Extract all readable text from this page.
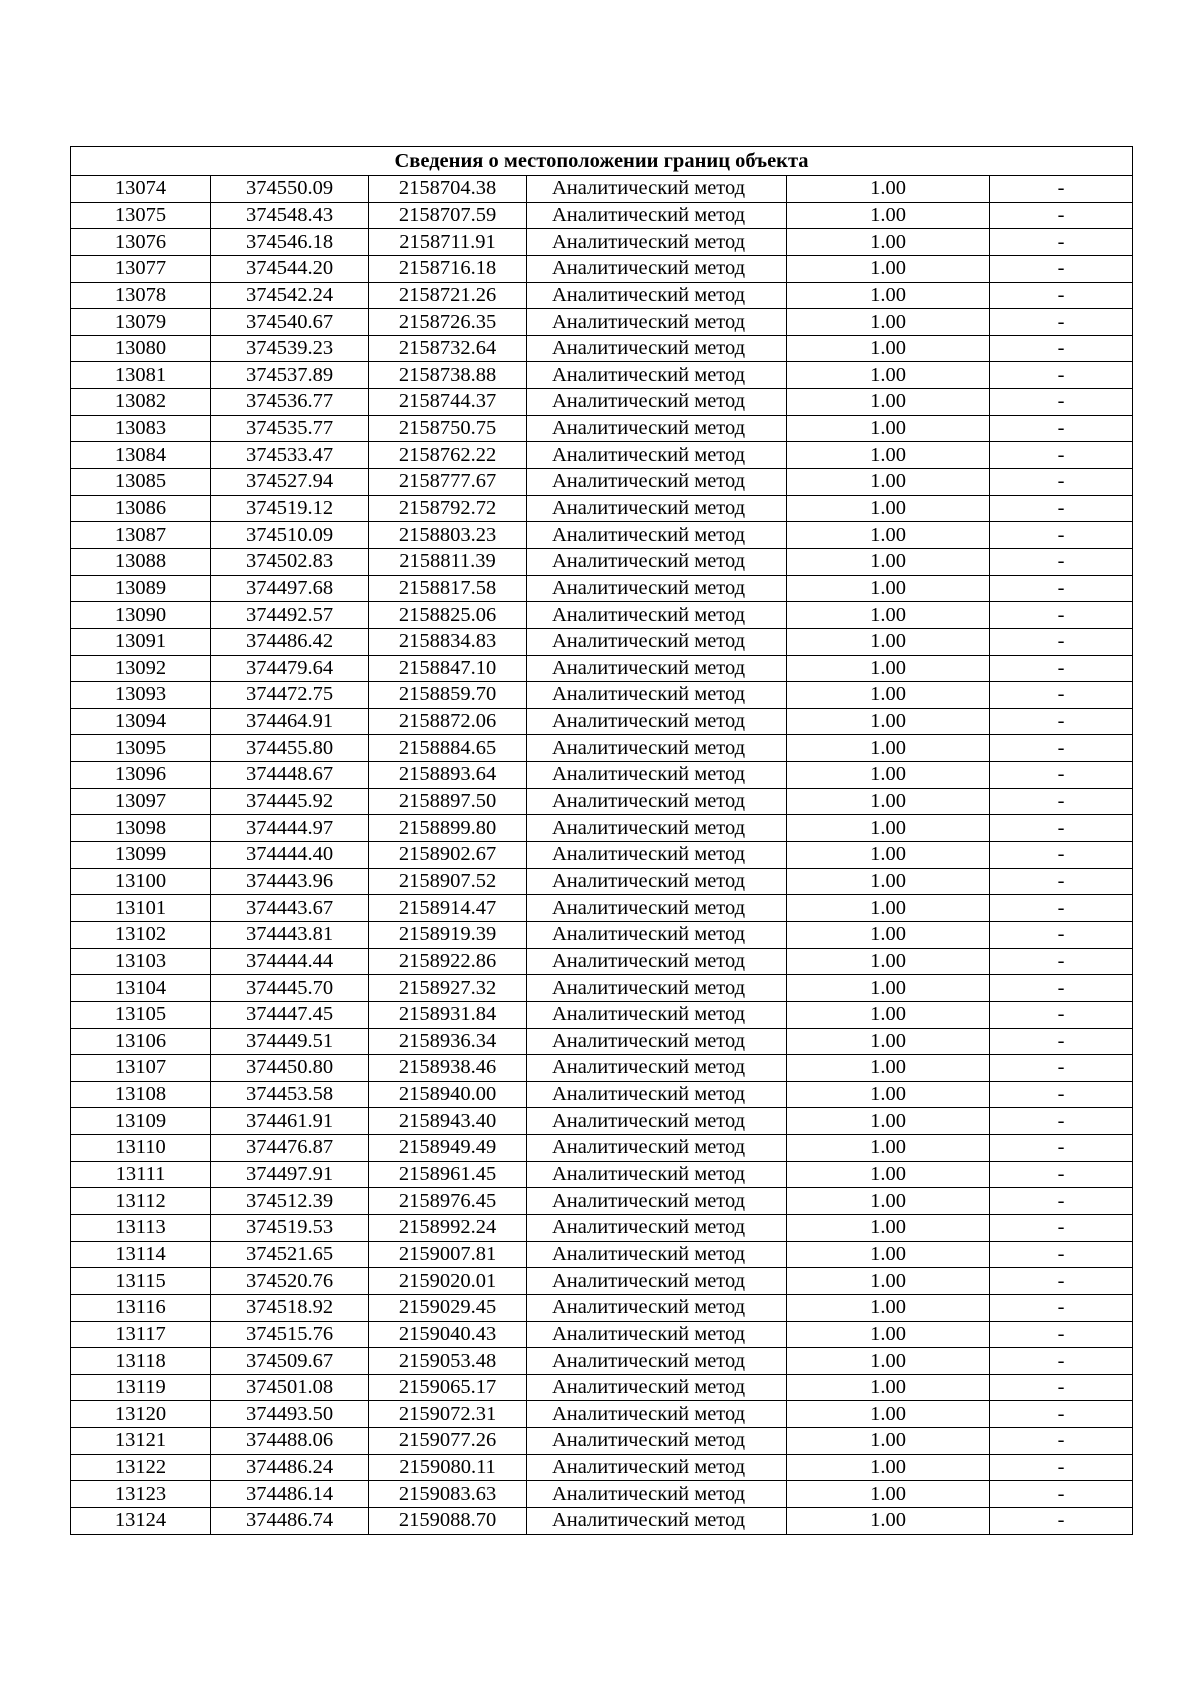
Сведения о местоположении границ объекта					
13074	374550.09	2158704.38	Аналитический метод	1.00	-
13075	374548.43	2158707.59	Аналитический метод	1.00	-
13076	374546.18	2158711.91	Аналитический метод	1.00	-
13077	374544.20	2158716.18	Аналитический метод	1.00	-
13078	374542.24	2158721.26	Аналитический метод	1.00	-
13079	374540.67	2158726.35	Аналитический метод	1.00	-
13080	374539.23	2158732.64	Аналитический метод	1.00	-
13081	374537.89	2158738.88	Аналитический метод	1.00	-
13082	374536.77	2158744.37	Аналитический метод	1.00	-
13083	374535.77	2158750.75	Аналитический метод	1.00	-
13084	374533.47	2158762.22	Аналитический метод	1.00	-
13085	374527.94	2158777.67	Аналитический метод	1.00	-
13086	374519.12	2158792.72	Аналитический метод	1.00	-
13087	374510.09	2158803.23	Аналитический метод	1.00	-
13088	374502.83	2158811.39	Аналитический метод	1.00	-
13089	374497.68	2158817.58	Аналитический метод	1.00	-
13090	374492.57	2158825.06	Аналитический метод	1.00	-
13091	374486.42	2158834.83	Аналитический метод	1.00	-
13092	374479.64	2158847.10	Аналитический метод	1.00	-
13093	374472.75	2158859.70	Аналитический метод	1.00	-
13094	374464.91	2158872.06	Аналитический метод	1.00	-
13095	374455.80	2158884.65	Аналитический метод	1.00	-
13096	374448.67	2158893.64	Аналитический метод	1.00	-
13097	374445.92	2158897.50	Аналитический метод	1.00	-
13098	374444.97	2158899.80	Аналитический метод	1.00	-
13099	374444.40	2158902.67	Аналитический метод	1.00	-
13100	374443.96	2158907.52	Аналитический метод	1.00	-
13101	374443.67	2158914.47	Аналитический метод	1.00	-
13102	374443.81	2158919.39	Аналитический метод	1.00	-
13103	374444.44	2158922.86	Аналитический метод	1.00	-
13104	374445.70	2158927.32	Аналитический метод	1.00	-
13105	374447.45	2158931.84	Аналитический метод	1.00	-
13106	374449.51	2158936.34	Аналитический метод	1.00	-
13107	374450.80	2158938.46	Аналитический метод	1.00	-
13108	374453.58	2158940.00	Аналитический метод	1.00	-
13109	374461.91	2158943.40	Аналитический метод	1.00	-
13110	374476.87	2158949.49	Аналитический метод	1.00	-
13111	374497.91	2158961.45	Аналитический метод	1.00	-
13112	374512.39	2158976.45	Аналитический метод	1.00	-
13113	374519.53	2158992.24	Аналитический метод	1.00	-
13114	374521.65	2159007.81	Аналитический метод	1.00	-
13115	374520.76	2159020.01	Аналитический метод	1.00	-
13116	374518.92	2159029.45	Аналитический метод	1.00	-
13117	374515.76	2159040.43	Аналитический метод	1.00	-
13118	374509.67	2159053.48	Аналитический метод	1.00	-
13119	374501.08	2159065.17	Аналитический метод	1.00	-
13120	374493.50	2159072.31	Аналитический метод	1.00	-
13121	374488.06	2159077.26	Аналитический метод	1.00	-
13122	374486.24	2159080.11	Аналитический метод	1.00	-
13123	374486.14	2159083.63	Аналитический метод	1.00	-
13124	374486.74	2159088.70	Аналитический метод	1.00	-
